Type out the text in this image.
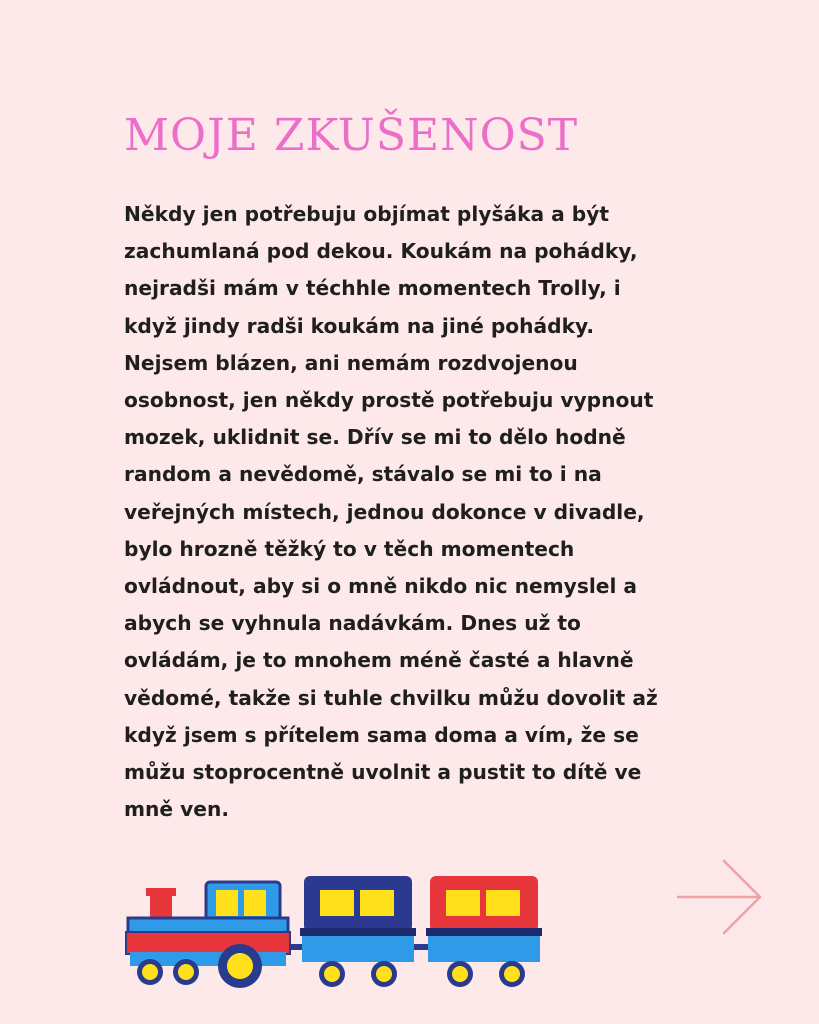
MOJE ZKUŠENOST
Někdy jen potřebuju objímat plyšáka a být
zachumlaná pod dekou. Koukám na pohádky,
nejradši mám v téchhle momentech Trolly, i
když jindy radši koukám na jiné pohádky.
Nejsem blázen, ani nemám rozdvojenou
osobnost, jen někdy prostě potřebuju vypnout
mozek, uklidnit se. Dřív se mi to dělo hodně
random a nevědomě, stávalo se mi to i na
veřejných místech, jednou dokonce v divadle,
bylo hrozně těžký to v těch momentech
ovládnout, aby si o mně nikdo nic nemyslel a
abych se vyhnula nadávkám. Dnes už to
ovládám, je to mnohem méně časté a hlavně
vědomé, takže si tuhle chvilku můžu dovolit až
když jsem s přítelem sama doma a vím, že se
můžu stoprocentně uvolnit a pustit to dítě ve
mně ven.
